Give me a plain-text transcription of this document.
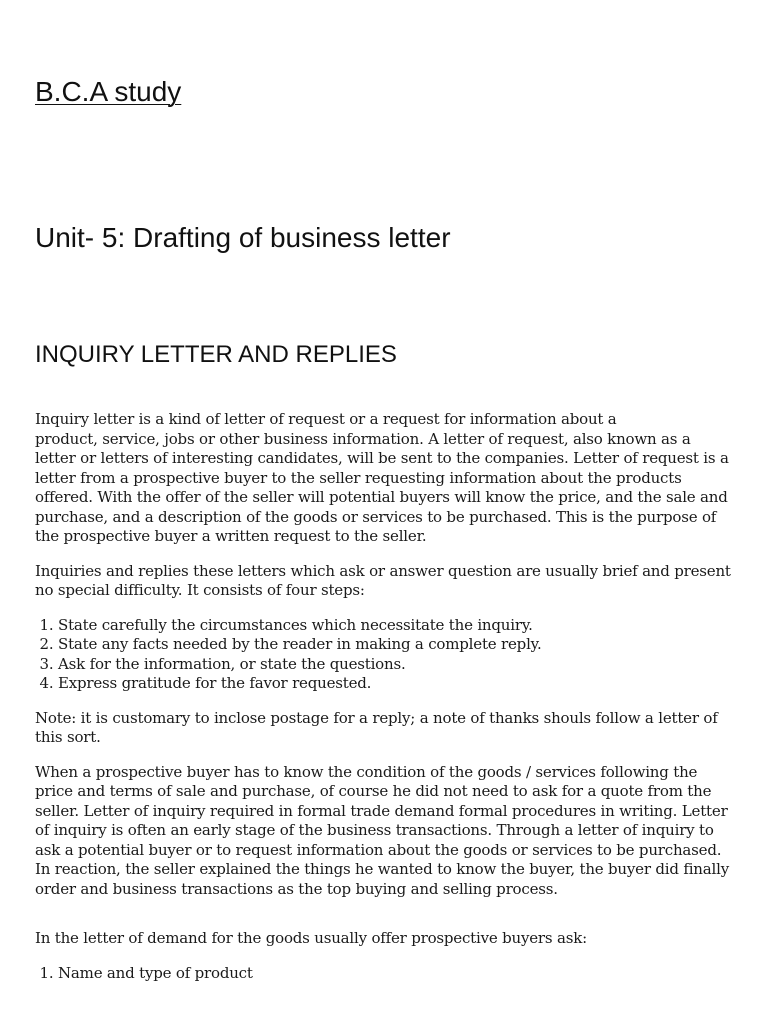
B.C.A study
Unit- 5: Drafting of business letter
INQUIRY LETTER AND REPLIES

Inquiry letter is a kind of letter of request or a request for information about a
product, service, jobs or other business information. A letter of request, also known as a letter or letters of interesting candidates, will be sent to the companies. Letter of request is a letter from a prospective buyer to the seller requesting information about the products offered. With the offer of the seller will potential buyers will know the price, and the sale and purchase, and a description of the goods or services to be purchased. This is the purpose of the prospective buyer a written request to the seller.

Inquiries and replies these letters which ask or answer question are usually brief and present no special difficulty. It consists of four steps:

1. State carefully the circumstances which necessitate the inquiry.
2. State any facts needed by the reader in making a complete reply.
3. Ask for the information, or state the questions.
4. Express gratitude for the favor requested.

Note: it is customary to inclose postage for a reply; a note of thanks shouls follow a letter of this sort.

When a prospective buyer has to know the condition of the goods / services following the price and terms of sale and purchase, of course he did not need to ask for a quote from the seller. Letter of inquiry required in formal trade demand formal procedures in writing. Letter of inquiry is often an early stage of the business transactions. Through a letter of inquiry to ask a potential buyer or to request information about the goods or services to be purchased. In reaction, the seller explained the things he wanted to know the buyer, the buyer did finally order and business transactions as the top buying and selling process.

In the letter of demand for the goods usually offer prospective buyers ask:

1. Name and type of product
